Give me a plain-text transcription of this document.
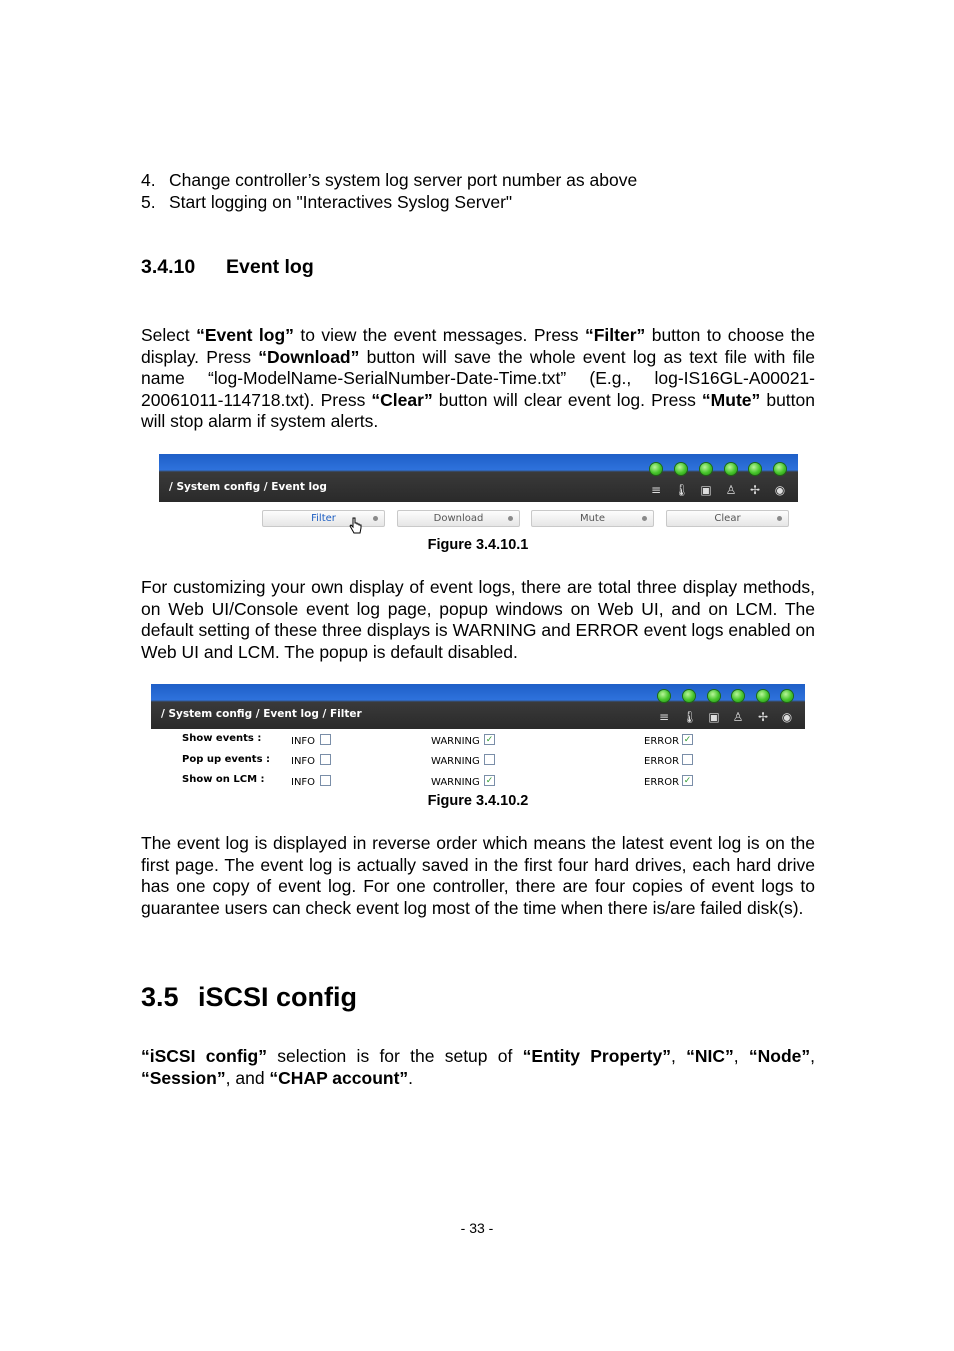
4. Change controller’s system log server port number as above
5. Start logging on "Interactives Syslog Server"
3.4.10 Event log
Select “Event log” to view the event messages. Press “Filter” button to choose the display. Press “Download” button will save the whole event log as text file with file name “log-ModelName-SerialNumber-Date-Time.txt” (E.g., log-IS16GL-A00021-20061011-114718.txt). Press “Clear” button will clear event log. Press “Mute” button will stop alarm if system alerts.
/ System config / Event log	≡ 🌡︎ ▣ ♙ ✢ ◉
Filter	Download	Mute	Clear
Figure 3.4.10.1
For customizing your own display of event logs, there are total three display methods, on Web UI/Console event log page, popup windows on Web UI, and on LCM. The default setting of these three displays is WARNING and ERROR event logs enabled on Web UI and LCM. The popup is default disabled.
/ System config / Event log / Filter	≡ 🌡︎ ▣ ♙ ✢ ◉
Show events :	INFO	WARNING ✓	ERROR ✓
Pop up events : INFO	WARNING	ERROR
Show on LCM :	INFO	WARNING ✓	ERROR ✓
Figure 3.4.10.2
The event log is displayed in reverse order which means the latest event log is on the first page. The event log is actually saved in the first four hard drives, each hard drive has one copy of event log. For one controller, there are four copies of event logs to guarantee users can check event log most of the time when there is/are failed disk(s).
3.5 iSCSI config
“iSCSI config” selection is for the setup of “Entity Property”, “NIC”, “Node”, “Session”, and “CHAP account”.
- 33 -
